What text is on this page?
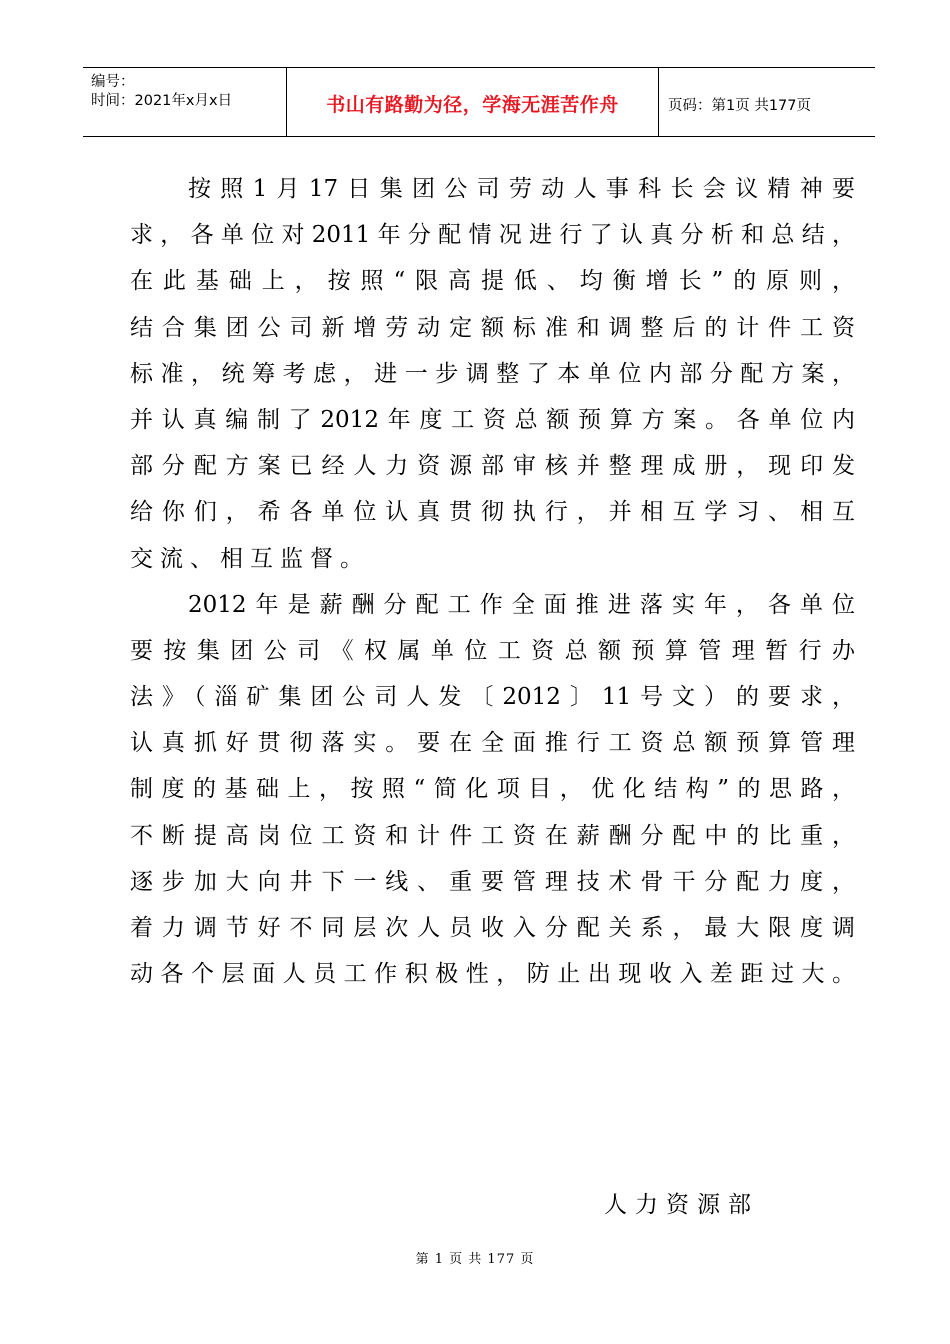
编号：
时间：2021年x月x日	书山有路勤为径，学海无涯苦作舟	页码：第1页 共177页
按照1月17日集团公司劳动人事科长会议精神要
求，各单位对2011年分配情况进行了认真分析和总结，
在此基础上，按照“限高提低、均衡增长”的原则，
结合集团公司新增劳动定额标准和调整后的计件工资
标准，统筹考虑，进一步调整了本单位内部分配方案，
并认真编制了2012年度工资总额预算方案。各单位内
部分配方案已经人力资源部审核并整理成册，现印发
给你们，希各单位认真贯彻执行，并相互学习、相互
交流、相互监督。
2012年是薪酬分配工作全面推进落实年，各单位
要按集团公司《权属单位工资总额预算管理暂行办
法》（淄矿集团公司人发〔2012〕11号文）的要求，
认真抓好贯彻落实。要在全面推行工资总额预算管理
制度的基础上，按照“简化项目，优化结构”的思路，
不断提高岗位工资和计件工资在薪酬分配中的比重，
逐步加大向井下一线、重要管理技术骨干分配力度，
着力调节好不同层次人员收入分配关系，最大限度调
动各个层面人员工作积极性，防止出现收入差距过大。
人力资源部
第 1 页 共 177 页
